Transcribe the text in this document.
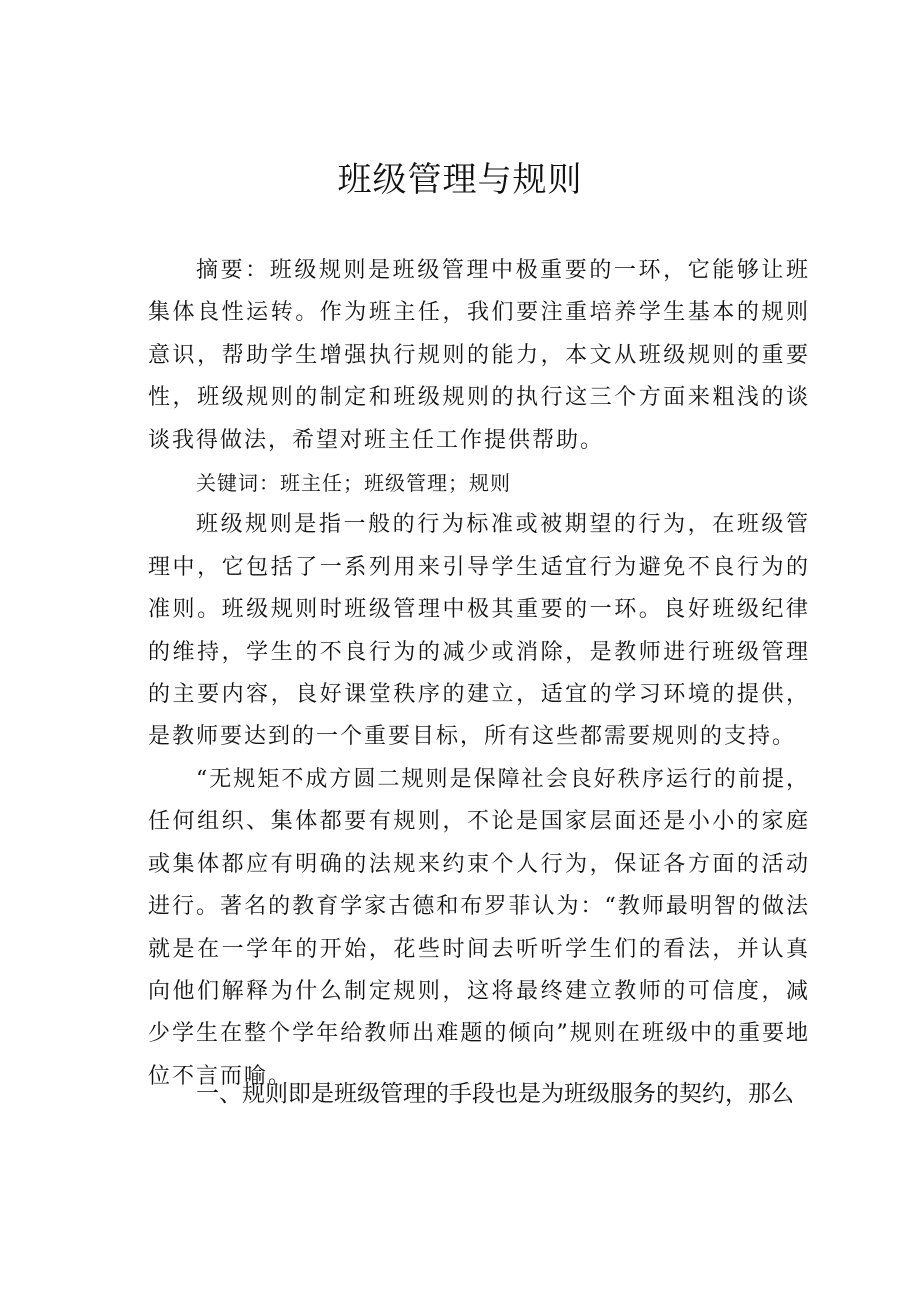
班级管理与规则

摘要：班级规则是班级管理中极重要的一环，它能够让班集体良性运转。作为班主任，我们要注重培养学生基本的规则意识，帮助学生增强执行规则的能力，本文从班级规则的重要性，班级规则的制定和班级规则的执行这三个方面来粗浅的谈谈我得做法，希望对班主任工作提供帮助。

关键词：班主任；班级管理；规则

班级规则是指一般的行为标准或被期望的行为，在班级管理中，它包括了一系列用来引导学生适宜行为避免不良行为的准则。班级规则时班级管理中极其重要的一环。良好班级纪律的维持，学生的不良行为的减少或消除，是教师进行班级管理的主要内容，良好课堂秩序的建立，适宜的学习环境的提供，是教师要达到的一个重要目标，所有这些都需要规则的支持。

“无规矩不成方圆二规则是保障社会良好秩序运行的前提，任何组织、集体都要有规则，不论是国家层面还是小小的家庭或集体都应有明确的法规来约束个人行为，保证各方面的活动进行。著名的教育学家古德和布罗菲认为：“教师最明智的做法就是在一学年的开始，花些时间去听听学生们的看法，并认真向他们解释为什么制定规则，这将最终建立教师的可信度，减少学生在整个学年给教师出难题的倾向”规则在班级中的重要地位不言而喻。

一、规则即是班级管理的手段也是为班级服务的契约，那么
